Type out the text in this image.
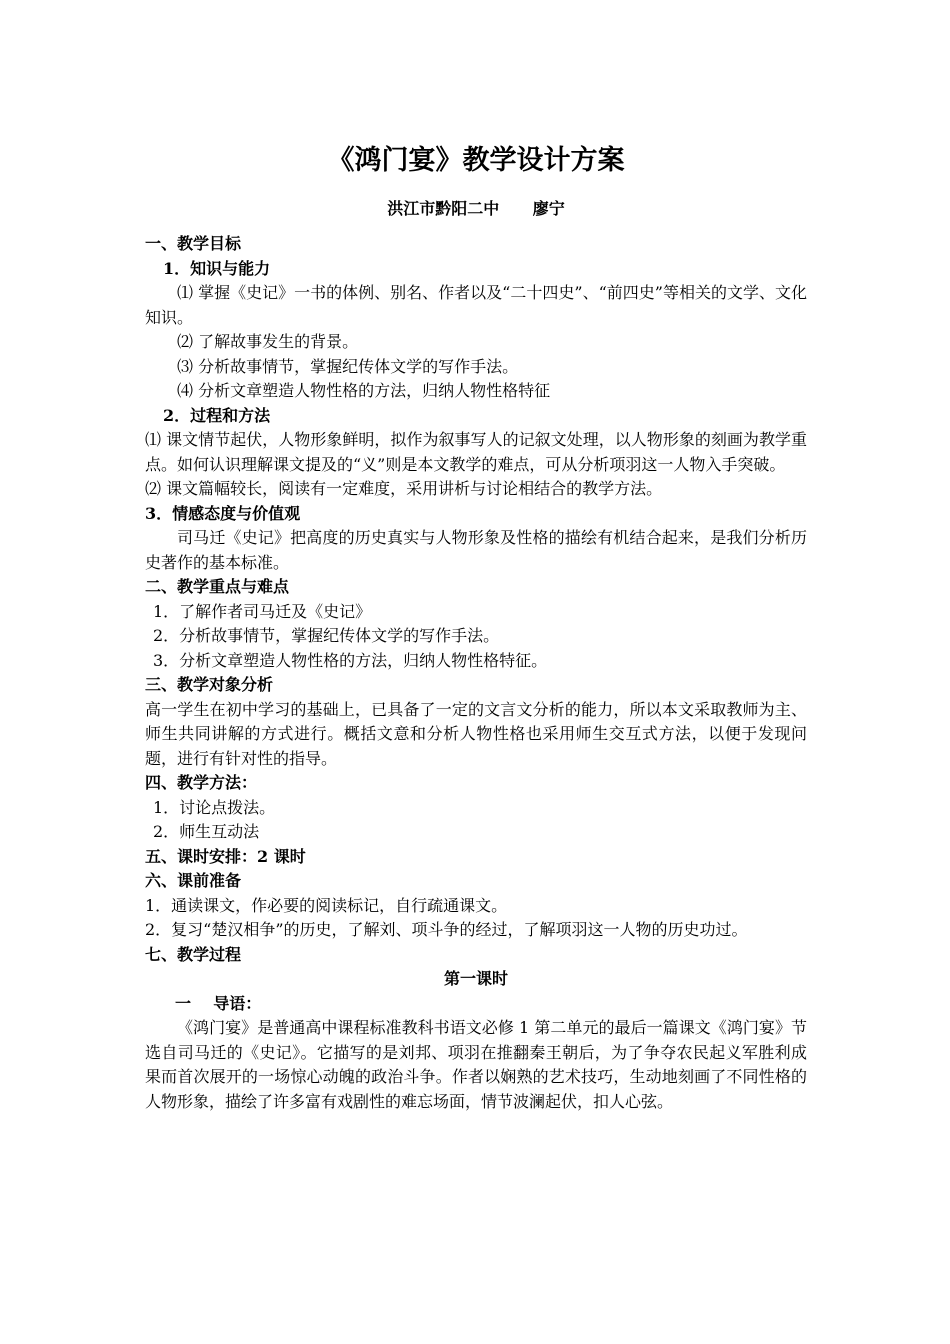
《鸿门宴》教学设计方案
洪江市黔阳二中      廖宁
一、教学目标
1．知识与能力
⑴ 掌握《史记》一书的体例、别名、作者以及“二十四史”、“前四史”等相关的文学、文化知识。
⑵ 了解故事发生的背景。
⑶ 分析故事情节，掌握纪传体文学的写作手法。
⑷ 分析文章塑造人物性格的方法，归纳人物性格特征
2．过程和方法
⑴ 课文情节起伏，人物形象鲜明，拟作为叙事写人的记叙文处理，以人物形象的刻画为教学重点。如何认识理解课文提及的“义”则是本文教学的难点，可从分析项羽这一人物入手突破。
⑵ 课文篇幅较长，阅读有一定难度，采用讲析与讨论相结合的教学方法。
3．情感态度与价值观
司马迁《史记》把高度的历史真实与人物形象及性格的描绘有机结合起来，是我们分析历史著作的基本标准。
二、教学重点与难点
1．了解作者司马迁及《史记》
2．分析故事情节，掌握纪传体文学的写作手法。
3．分析文章塑造人物性格的方法，归纳人物性格特征。
三、教学对象分析
高一学生在初中学习的基础上，已具备了一定的文言文分析的能力，所以本文采取教师为主、师生共同讲解的方式进行。概括文意和分析人物性格也采用师生交互式方法，以便于发现问题，进行有针对性的指导。
四、教学方法：
1．讨论点拨法。
2．师生互动法
五、课时安排：2 课时
六、课前准备
1．通读课文，作必要的阅读标记，自行疏通课文。
2．复习“楚汉相争”的历史，了解刘、项斗争的经过，了解项羽这一人物的历史功过。
七、教学过程
第一课时
一    导语：
《鸿门宴》是普通高中课程标准教科书语文必修 1 第二单元的最后一篇课文《鸿门宴》节选自司马迁的《史记》。它描写的是刘邦、项羽在推翻秦王朝后，为了争夺农民起义军胜利成果而首次展开的一场惊心动魄的政治斗争。作者以娴熟的艺术技巧，生动地刻画了不同性格的人物形象，描绘了许多富有戏剧性的难忘场面，情节波澜起伏，扣人心弦。
